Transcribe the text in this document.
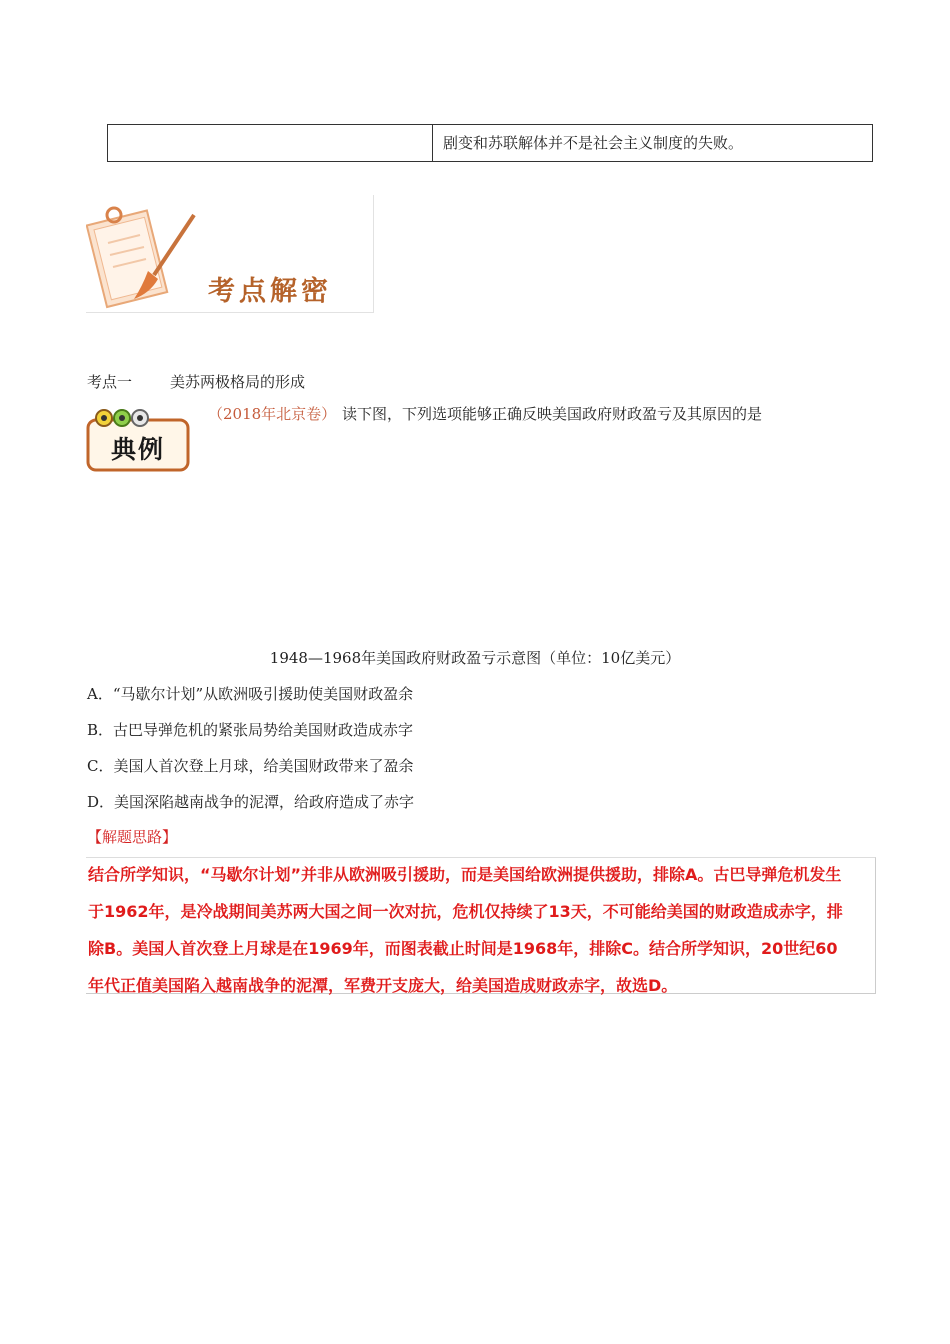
剧变和苏联解体并不是社会主义制度的失败。
考点解密
考点一	美苏两极格局的形成
典例
（2018年北京卷） 读下图，下列选项能够正确反映美国政府财政盈亏及其原因的是
1948—1968年美国政府财政盈亏示意图（单位：10亿美元）
A．“马歇尔计划”从欧洲吸引援助使美国财政盈余
B．古巴导弹危机的紧张局势给美国财政造成赤字
C．美国人首次登上月球，给美国财政带来了盈余
D．美国深陷越南战争的泥潭，给政府造成了赤字
【解题思路】
结合所学知识，“马歇尔计划”并非从欧洲吸引援助，而是美国给欧洲提供援助，排除A。古巴导弹危机发生
于1962年，是冷战期间美苏两大国之间一次对抗，危机仅持续了13天，不可能给美国的财政造成赤字，排
除B。美国人首次登上月球是在1969年，而图表截止时间是1968年，排除C。结合所学知识，20世纪60
年代正值美国陷入越南战争的泥潭，军费开支庞大，给美国造成财政赤字，故选D。
